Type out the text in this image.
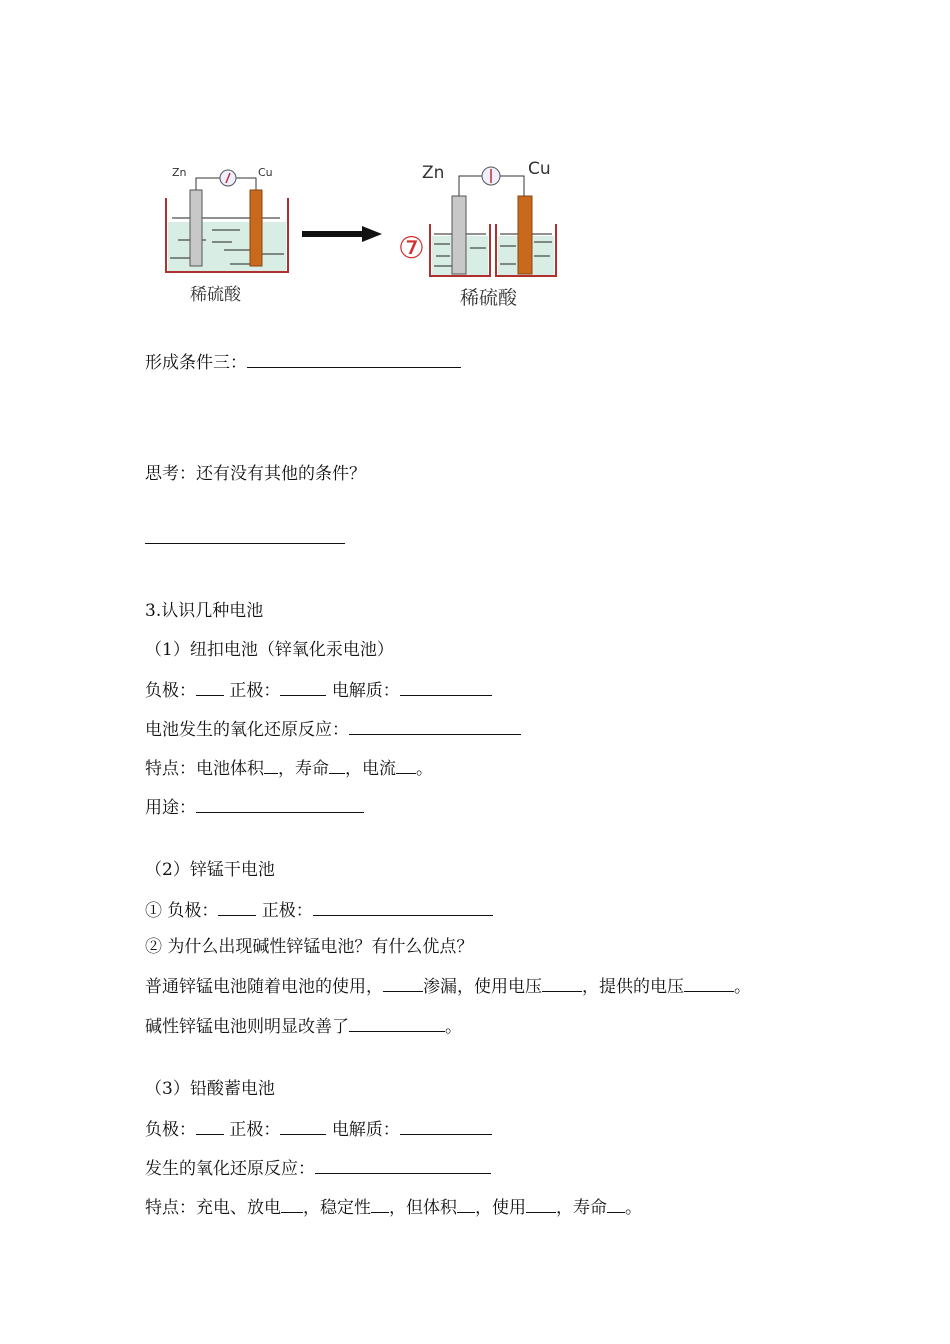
Zn	Cu
稀硫酸
⑦
Zn	Cu
稀硫酸
形成条件三：
思考：还有没有其他的条件？
3.认识几种电池
（1）纽扣电池（锌氧化汞电池）
负极： 正极：	电解质：
电池发生的氧化还原反应：
特点：电池体积 ，寿命 ，电流 。
用途：
（2）锌锰干电池
① 负极：	正极：
② 为什么出现碱性锌锰电池？有什么优点？
普通锌锰电池随着电池的使用， 渗漏，使用电压 ，提供的电压	。
碱性锌锰电池则明显改善了	。
（3）铅酸蓄电池
负极： 正极：	电解质：
发生的氧化还原反应：
特点：充电、放电 ，稳定性 ，但体积 ，使用 ，寿命 。
